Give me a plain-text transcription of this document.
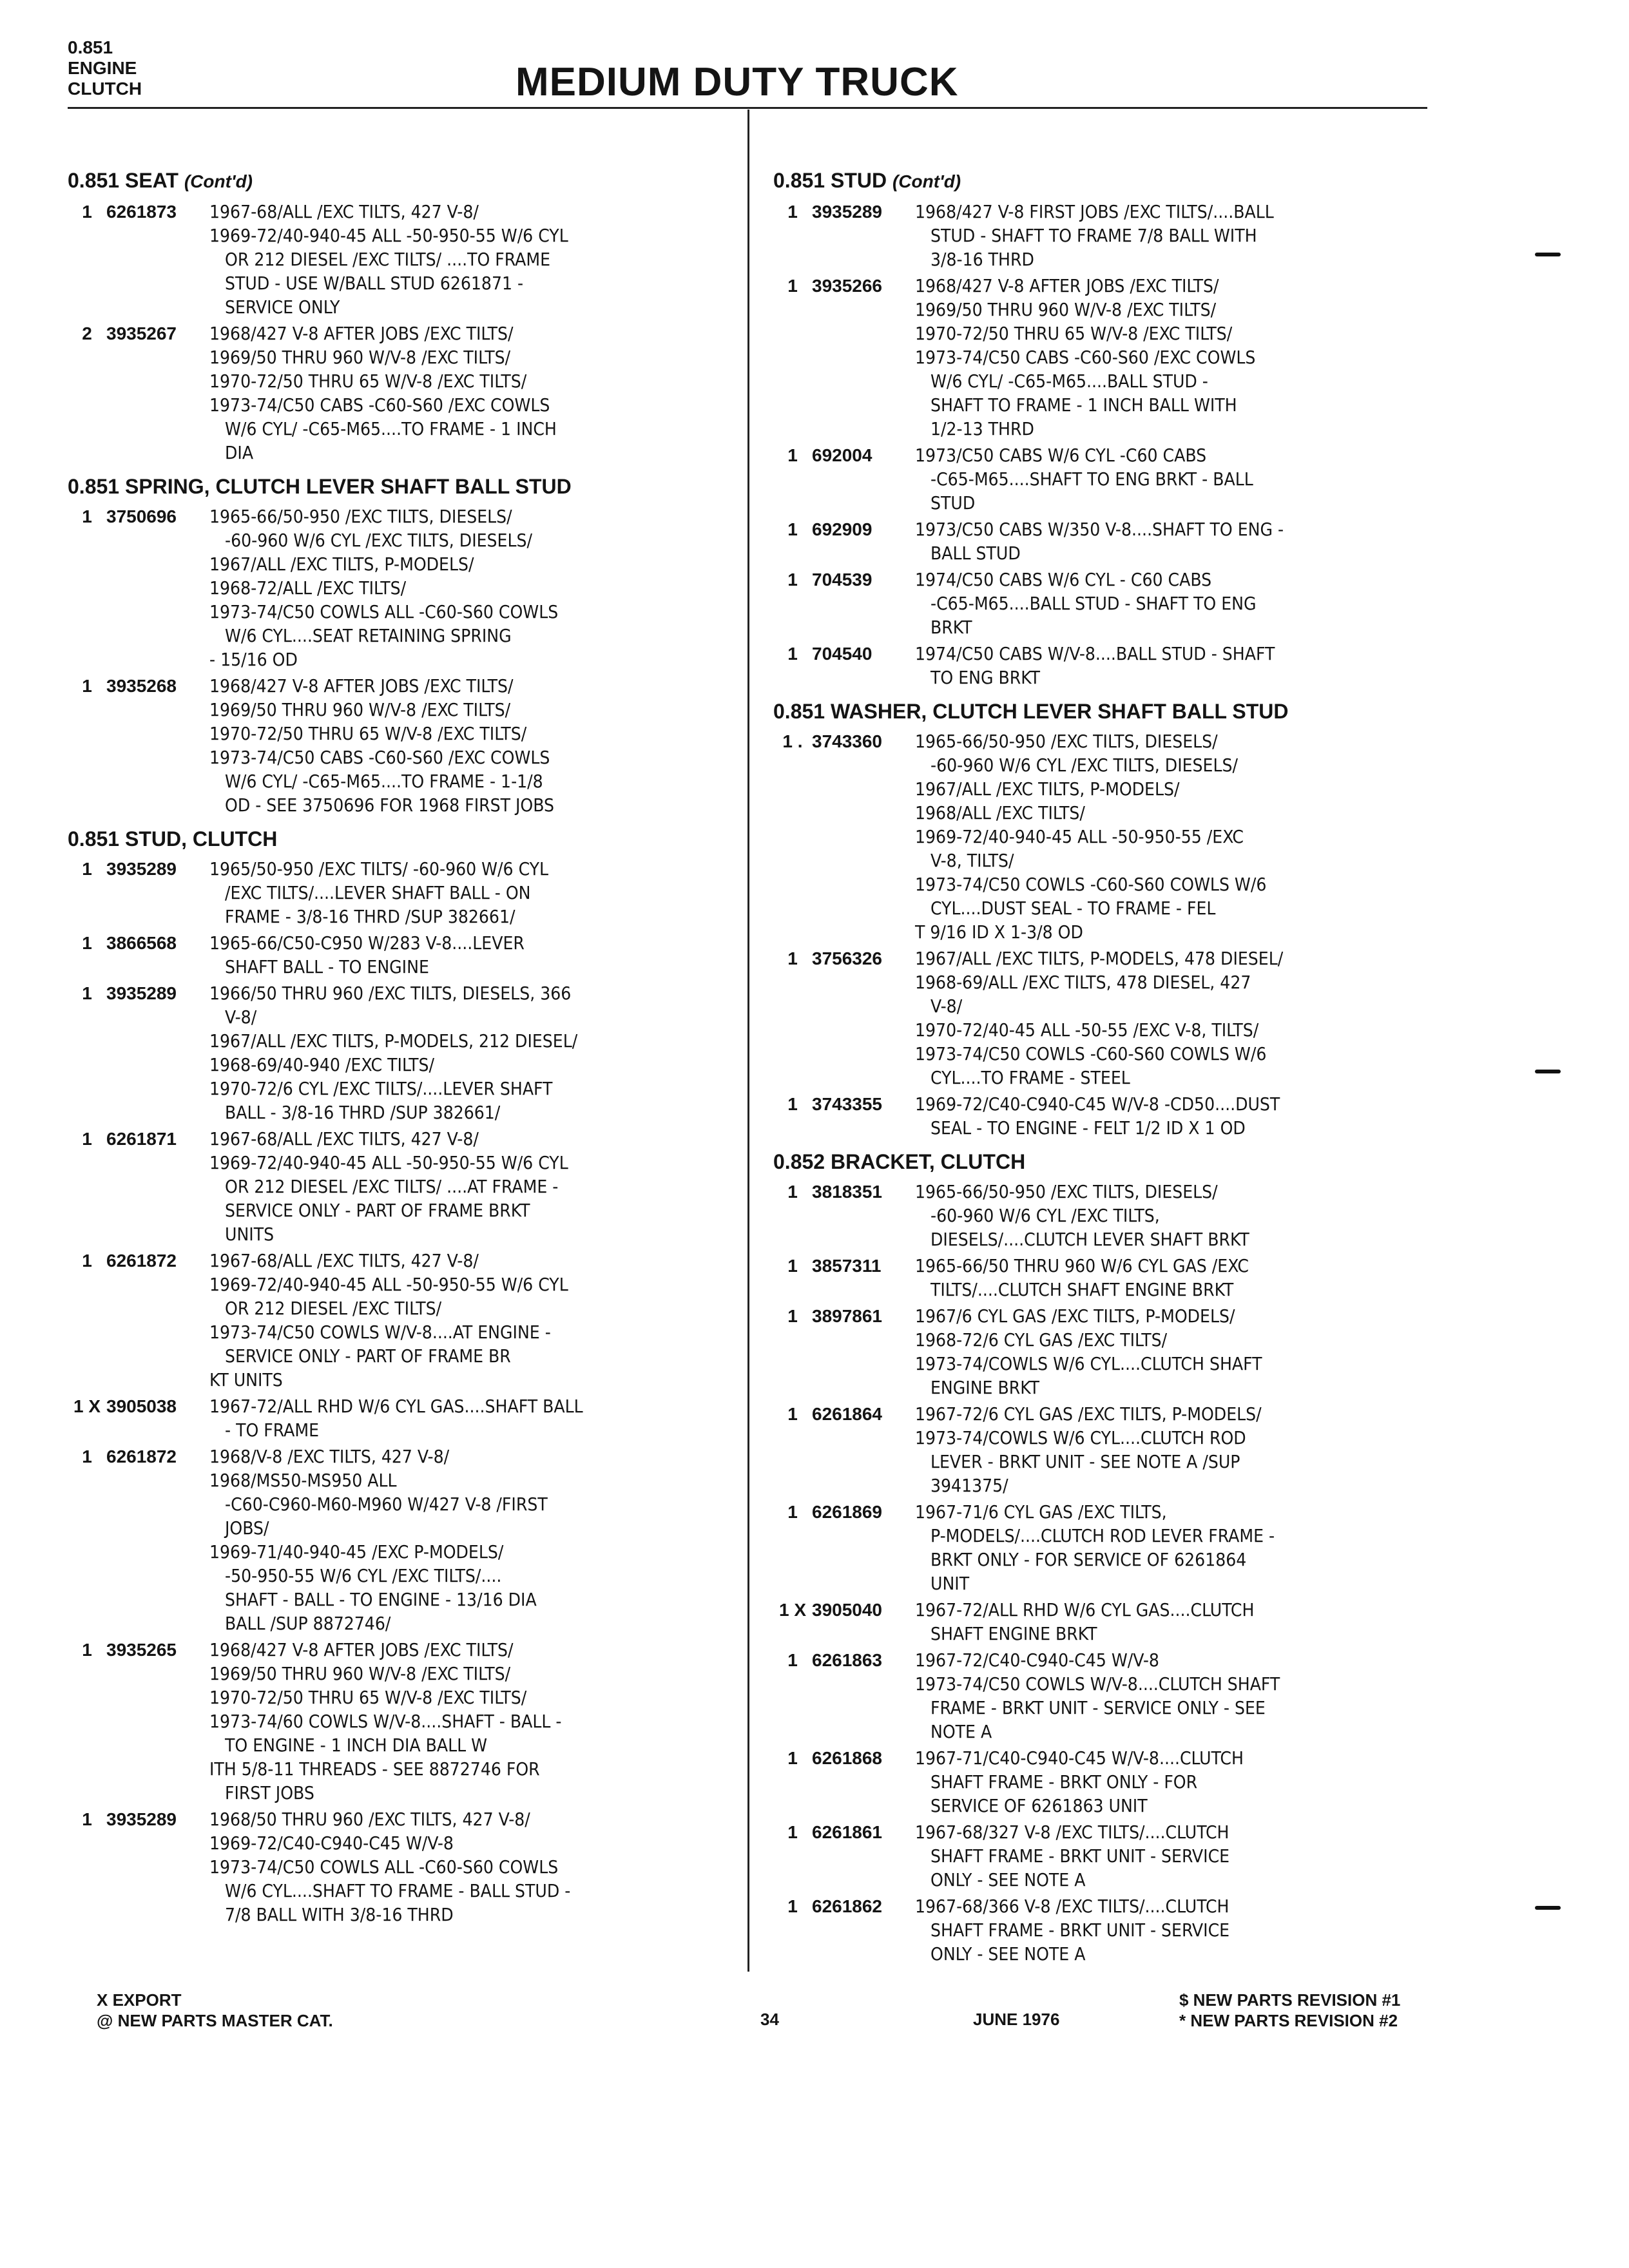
0.851
ENGINE
CLUTCH	MEDIUM DUTY TRUCK
0.851 SEAT (Cont'd)
1 6261873	1967-68/ALL /EXC TILTS, 427 V-8/
1969-72/40-940-45 ALL -50-950-55 W/6 CYL
OR 212 DIESEL /EXC TILTS/ ....TO FRAME
STUD - USE W/BALL STUD 6261871 -
SERVICE ONLY
2 3935267	1968/427 V-8 AFTER JOBS /EXC TILTS/
1969/50 THRU 960 W/V-8 /EXC TILTS/
1970-72/50 THRU 65 W/V-8 /EXC TILTS/
1973-74/C50 CABS -C60-S60 /EXC COWLS
W/6 CYL/ -C65-M65....TO FRAME - 1 INCH
DIA
0.851 SPRING, CLUTCH LEVER SHAFT BALL STUD
1 3750696	1965-66/50-950 /EXC TILTS, DIESELS/
-60-960 W/6 CYL /EXC TILTS, DIESELS/
1967/ALL /EXC TILTS, P-MODELS/
1968-72/ALL /EXC TILTS/
1973-74/C50 COWLS ALL -C60-S60 COWLS
W/6 CYL....SEAT RETAINING SPRING
- 15/16 OD
1 3935268	1968/427 V-8 AFTER JOBS /EXC TILTS/
1969/50 THRU 960 W/V-8 /EXC TILTS/
1970-72/50 THRU 65 W/V-8 /EXC TILTS/
1973-74/C50 CABS -C60-S60 /EXC COWLS
W/6 CYL/ -C65-M65....TO FRAME - 1-1/8
OD - SEE 3750696 FOR 1968 FIRST JOBS
0.851 STUD, CLUTCH
1 3935289	1965/50-950 /EXC TILTS/ -60-960 W/6 CYL
/EXC TILTS/....LEVER SHAFT BALL - ON
FRAME - 3/8-16 THRD /SUP 382661/
1 3866568	1965-66/C50-C950 W/283 V-8....LEVER
SHAFT BALL - TO ENGINE
1 3935289	1966/50 THRU 960 /EXC TILTS, DIESELS, 366
V-8/
1967/ALL /EXC TILTS, P-MODELS, 212 DIESEL/
1968-69/40-940 /EXC TILTS/
1970-72/6 CYL /EXC TILTS/....LEVER SHAFT
BALL - 3/8-16 THRD /SUP 382661/
1 6261871	1967-68/ALL /EXC TILTS, 427 V-8/
1969-72/40-940-45 ALL -50-950-55 W/6 CYL
OR 212 DIESEL /EXC TILTS/ ....AT FRAME -
SERVICE ONLY - PART OF FRAME BRKT
UNITS
1 6261872	1967-68/ALL /EXC TILTS, 427 V-8/
1969-72/40-940-45 ALL -50-950-55 W/6 CYL
OR 212 DIESEL /EXC TILTS/
1973-74/C50 COWLS W/V-8....AT ENGINE -
SERVICE ONLY - PART OF FRAME BR
KT UNITS
1 X 3905038	1967-72/ALL RHD W/6 CYL GAS....SHAFT BALL
- TO FRAME
1 6261872	1968/V-8 /EXC TILTS, 427 V-8/
1968/MS50-MS950 ALL
-C60-C960-M60-M960 W/427 V-8 /FIRST
JOBS/
1969-71/40-940-45 /EXC P-MODELS/
-50-950-55 W/6 CYL /EXC TILTS/....
SHAFT - BALL - TO ENGINE - 13/16 DIA
BALL /SUP 8872746/
1 3935265	1968/427 V-8 AFTER JOBS /EXC TILTS/
1969/50 THRU 960 W/V-8 /EXC TILTS/
1970-72/50 THRU 65 W/V-8 /EXC TILTS/
1973-74/60 COWLS W/V-8....SHAFT - BALL -
TO ENGINE - 1 INCH DIA BALL W
ITH 5/8-11 THREADS - SEE 8872746 FOR
FIRST JOBS
1 3935289	1968/50 THRU 960 /EXC TILTS, 427 V-8/
1969-72/C40-C940-C45 W/V-8
1973-74/C50 COWLS ALL -C60-S60 COWLS
W/6 CYL....SHAFT TO FRAME - BALL STUD -
7/8 BALL WITH 3/8-16 THRD
0.851 STUD (Cont'd)
1 3935289	1968/427 V-8 FIRST JOBS /EXC TILTS/....BALL
STUD - SHAFT TO FRAME 7/8 BALL WITH
3/8-16 THRD
1 3935266	1968/427 V-8 AFTER JOBS /EXC TILTS/
1969/50 THRU 960 W/V-8 /EXC TILTS/
1970-72/50 THRU 65 W/V-8 /EXC TILTS/
1973-74/C50 CABS -C60-S60 /EXC COWLS
W/6 CYL/ -C65-M65....BALL STUD -
SHAFT TO FRAME - 1 INCH BALL WITH
1/2-13 THRD
1 692004	1973/C50 CABS W/6 CYL -C60 CABS
-C65-M65....SHAFT TO ENG BRKT - BALL
STUD
1 692909	1973/C50 CABS W/350 V-8....SHAFT TO ENG -
BALL STUD
1 704539	1974/C50 CABS W/6 CYL - C60 CABS
-C65-M65....BALL STUD - SHAFT TO ENG
BRKT
1 704540	1974/C50 CABS W/V-8....BALL STUD - SHAFT
TO ENG BRKT
0.851 WASHER, CLUTCH LEVER SHAFT BALL STUD
1 . 3743360	1965-66/50-950 /EXC TILTS, DIESELS/
-60-960 W/6 CYL /EXC TILTS, DIESELS/
1967/ALL /EXC TILTS, P-MODELS/
1968/ALL /EXC TILTS/
1969-72/40-940-45 ALL -50-950-55 /EXC
V-8, TILTS/
1973-74/C50 COWLS -C60-S60 COWLS W/6
CYL....DUST SEAL - TO FRAME - FEL
T 9/16 ID X 1-3/8 OD
1 3756326	1967/ALL /EXC TILTS, P-MODELS, 478 DIESEL/
1968-69/ALL /EXC TILTS, 478 DIESEL, 427
V-8/
1970-72/40-45 ALL -50-55 /EXC V-8, TILTS/
1973-74/C50 COWLS -C60-S60 COWLS W/6
CYL....TO FRAME - STEEL
1 3743355	1969-72/C40-C940-C45 W/V-8 -CD50....DUST
SEAL - TO ENGINE - FELT 1/2 ID X 1 OD
0.852 BRACKET, CLUTCH
1 3818351	1965-66/50-950 /EXC TILTS, DIESELS/
-60-960 W/6 CYL /EXC TILTS,
DIESELS/....CLUTCH LEVER SHAFT BRKT
1 3857311	1965-66/50 THRU 960 W/6 CYL GAS /EXC
TILTS/....CLUTCH SHAFT ENGINE BRKT
1 3897861	1967/6 CYL GAS /EXC TILTS, P-MODELS/
1968-72/6 CYL GAS /EXC TILTS/
1973-74/COWLS W/6 CYL....CLUTCH SHAFT
ENGINE BRKT
1 6261864	1967-72/6 CYL GAS /EXC TILTS, P-MODELS/
1973-74/COWLS W/6 CYL....CLUTCH ROD
LEVER - BRKT UNIT - SEE NOTE A /SUP
3941375/
1 6261869	1967-71/6 CYL GAS /EXC TILTS,
P-MODELS/....CLUTCH ROD LEVER FRAME -
BRKT ONLY - FOR SERVICE OF 6261864
UNIT
1 X 3905040	1967-72/ALL RHD W/6 CYL GAS....CLUTCH
SHAFT ENGINE BRKT
1 6261863	1967-72/C40-C940-C45 W/V-8
1973-74/C50 COWLS W/V-8....CLUTCH SHAFT
FRAME - BRKT UNIT - SERVICE ONLY - SEE
NOTE A
1 6261868	1967-71/C40-C940-C45 W/V-8....CLUTCH
SHAFT FRAME - BRKT ONLY - FOR
SERVICE OF 6261863 UNIT
1 6261861	1967-68/327 V-8 /EXC TILTS/....CLUTCH
SHAFT FRAME - BRKT UNIT - SERVICE
ONLY - SEE NOTE A
1 6261862	1967-68/366 V-8 /EXC TILTS/....CLUTCH
SHAFT FRAME - BRKT UNIT - SERVICE
ONLY - SEE NOTE A
X EXPORT
@ NEW PARTS MASTER CAT.	34	JUNE 1976
$ NEW PARTS REVISION #1
* NEW PARTS REVISION #2
